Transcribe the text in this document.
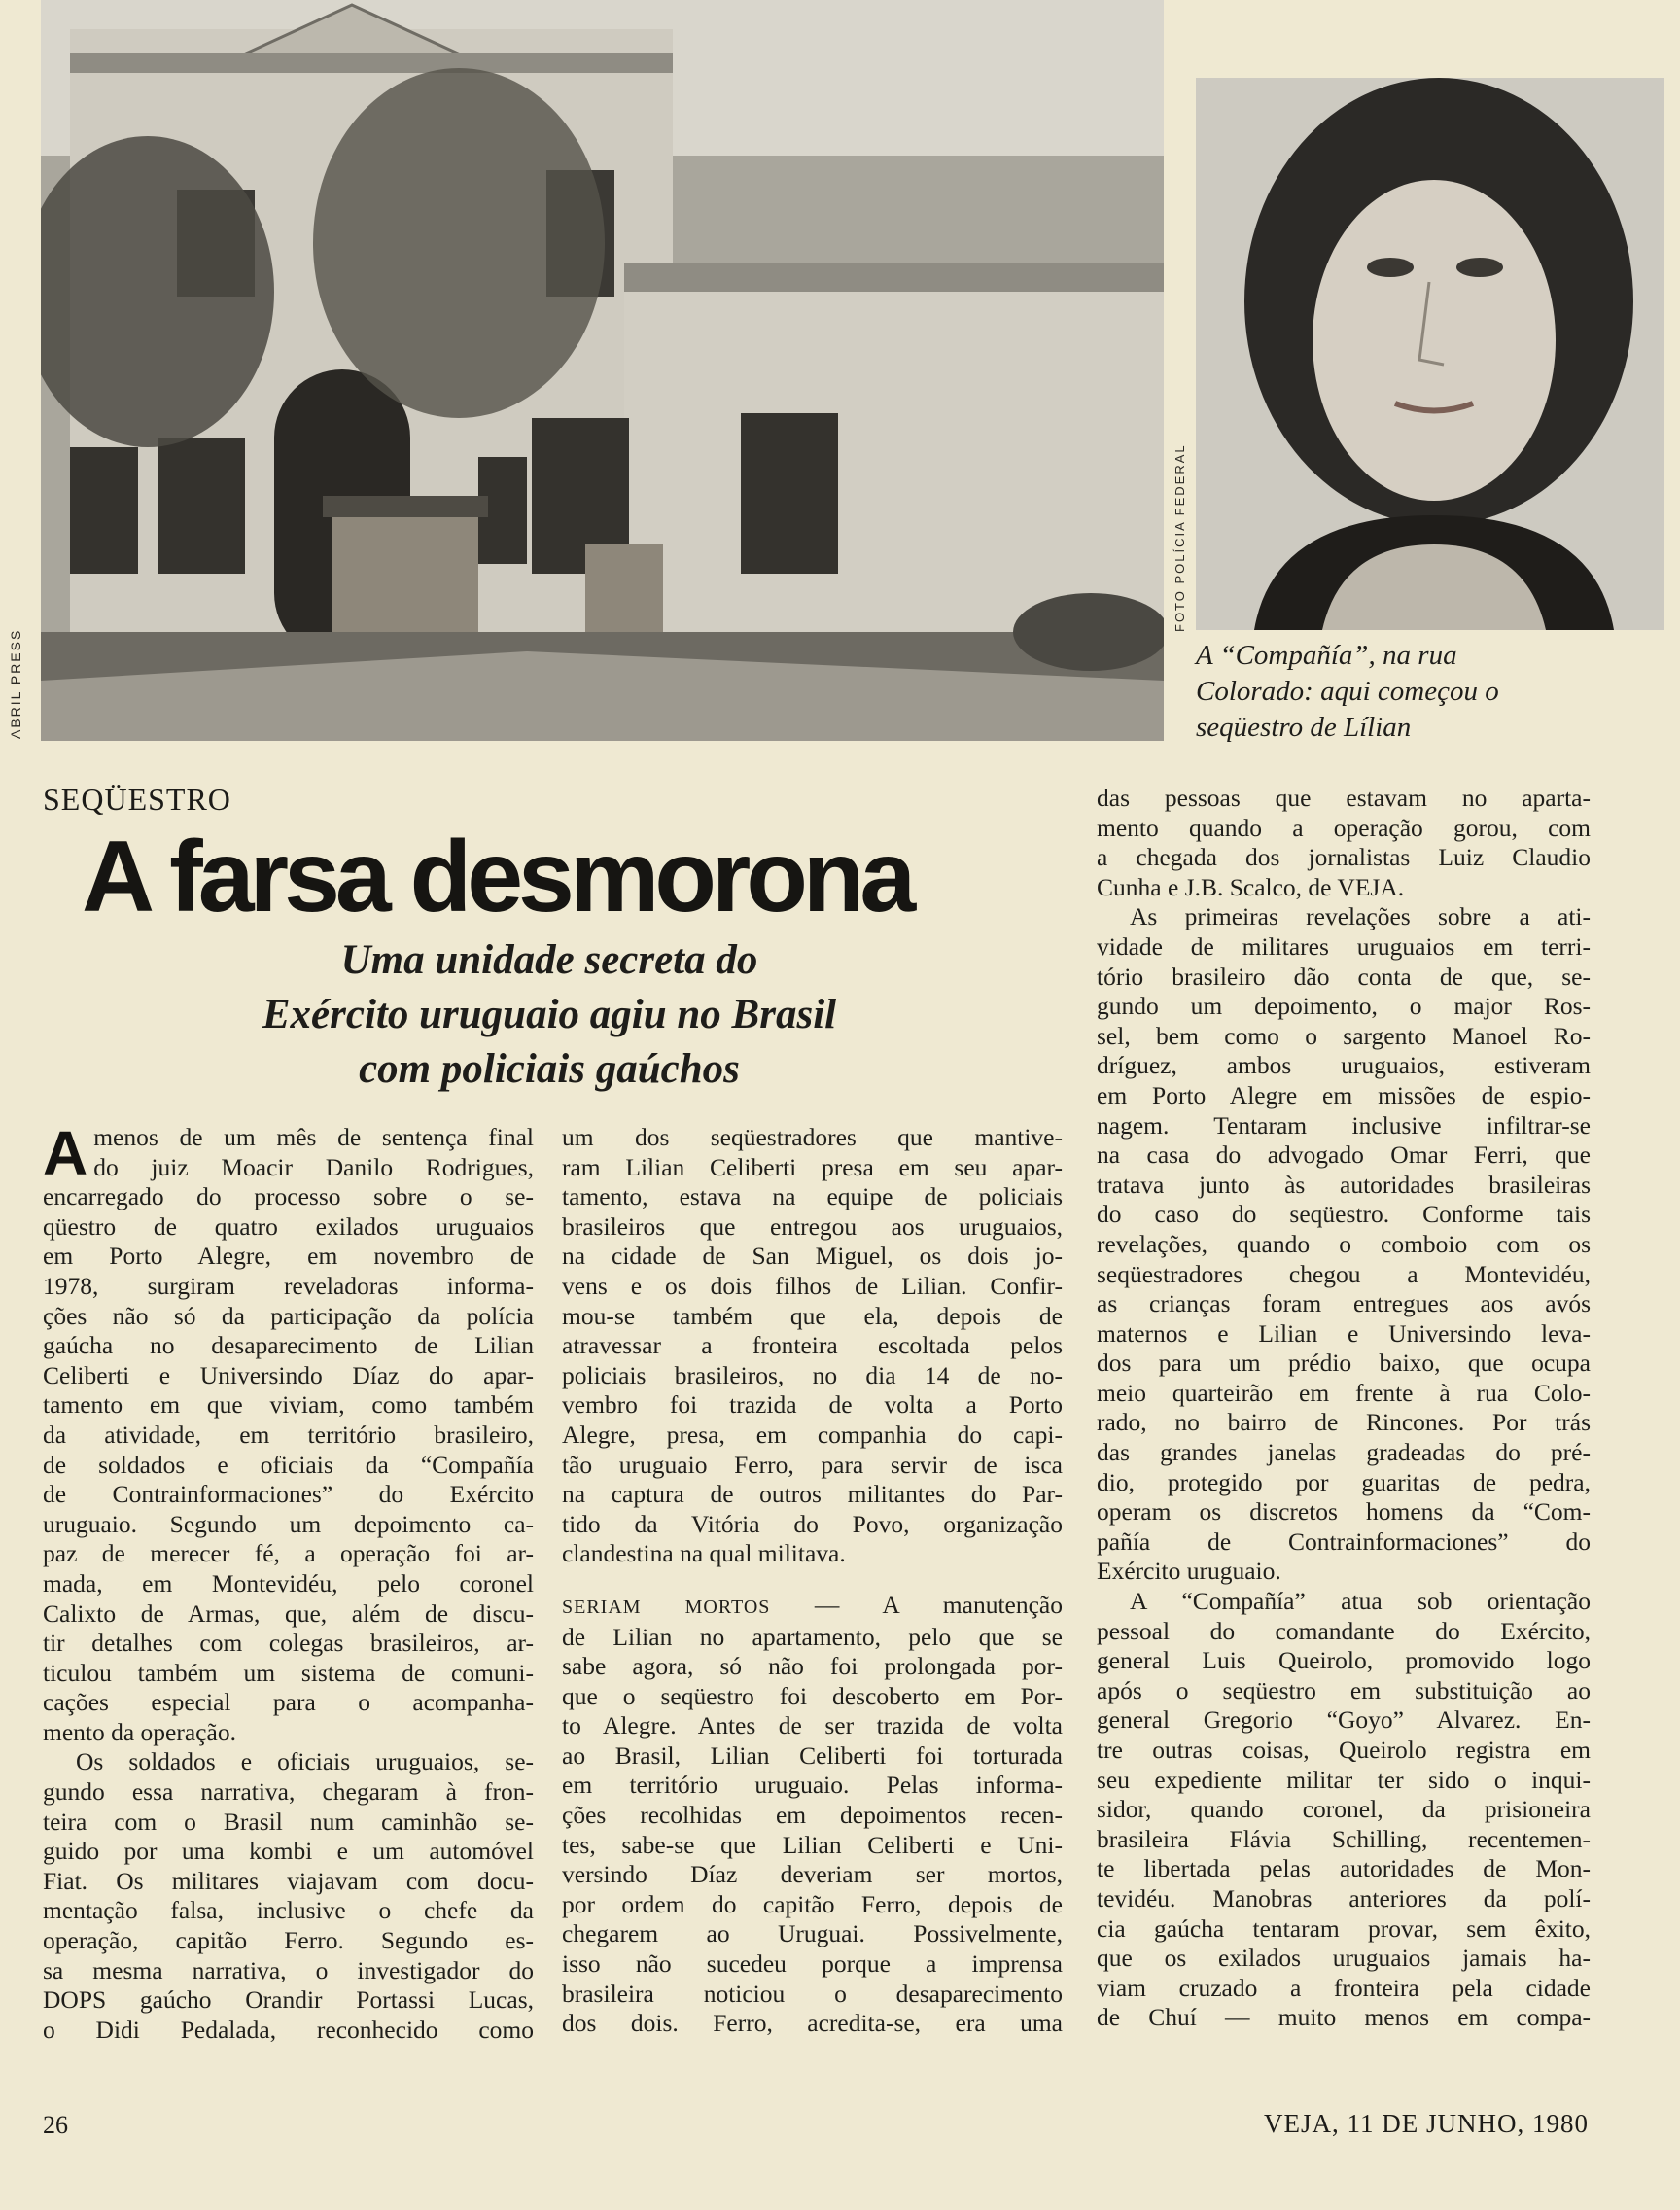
ABRIL PRESS
FOTO POLÍCIA FEDERAL
A “Compañía”, na rua
Colorado: aqui começou o
seqüestro de Lílian
SEQÜESTRO
A farsa desmorona
Uma unidade secreta do
Exército uruguaio agiu no Brasil
com policiais gaúchos
A menos de um mês de sentença final
do juiz Moacir Danilo Rodrigues,
encarregado do processo sobre o se-
qüestro de quatro exilados uruguaios
em Porto Alegre, em novembro de
1978, surgiram reveladoras informa-
ções não só da participação da polícia
gaúcha no desaparecimento de Lilian
Celiberti e Universindo Díaz do apar-
tamento em que viviam, como também
da atividade, em território brasileiro,
de soldados e oficiais da “Compañía
de Contrainformaciones” do Exército
uruguaio. Segundo um depoimento ca-
paz de merecer fé, a operação foi ar-
mada, em Montevidéu, pelo coronel
Calixto de Armas, que, além de discu-
tir detalhes com colegas brasileiros, ar-
ticulou também um sistema de comuni-
cações especial para o acompanha-
mento da operação.
Os soldados e oficiais uruguaios, se-
gundo essa narrativa, chegaram à fron-
teira com o Brasil num caminhão se-
guido por uma kombi e um automóvel
Fiat. Os militares viajavam com docu-
mentação falsa, inclusive o chefe da
operação, capitão Ferro. Segundo es-
sa mesma narrativa, o investigador do
DOPS gaúcho Orandir Portassi Lucas,
o Didi Pedalada, reconhecido como
um dos seqüestradores que mantive-
ram Lilian Celiberti presa em seu apar-
tamento, estava na equipe de policiais
brasileiros que entregou aos uruguaios,
na cidade de San Miguel, os dois jo-
vens e os dois filhos de Lilian. Confir-
mou-se também que ela, depois de
atravessar a fronteira escoltada pelos
policiais brasileiros, no dia 14 de no-
vembro foi trazida de volta a Porto
Alegre, presa, em companhia do capi-
tão uruguaio Ferro, para servir de isca
na captura de outros militantes do Par-
tido da Vitória do Povo, organização
clandestina na qual militava.
SERIAM MORTOS — A manutenção
de Lilian no apartamento, pelo que se
sabe agora, só não foi prolongada por-
que o seqüestro foi descoberto em Por-
to Alegre. Antes de ser trazida de volta
ao Brasil, Lilian Celiberti foi torturada
em território uruguaio. Pelas informa-
ções recolhidas em depoimentos recen-
tes, sabe-se que Lilian Celiberti e Uni-
versindo Díaz deveriam ser mortos,
por ordem do capitão Ferro, depois de
chegarem ao Uruguai. Possivelmente,
isso não sucedeu porque a imprensa
brasileira noticiou o desaparecimento
dos dois. Ferro, acredita-se, era uma
das pessoas que estavam no aparta-
mento quando a operação gorou, com
a chegada dos jornalistas Luiz Claudio
Cunha e J.B. Scalco, de VEJA.
As primeiras revelações sobre a ati-
vidade de militares uruguaios em terri-
tório brasileiro dão conta de que, se-
gundo um depoimento, o major Ros-
sel, bem como o sargento Manoel Ro-
dríguez, ambos uruguaios, estiveram
em Porto Alegre em missões de espio-
nagem. Tentaram inclusive infiltrar-se
na casa do advogado Omar Ferri, que
tratava junto às autoridades brasileiras
do caso do seqüestro. Conforme tais
revelações, quando o comboio com os
seqüestradores chegou a Montevidéu,
as crianças foram entregues aos avós
maternos e Lilian e Universindo leva-
dos para um prédio baixo, que ocupa
meio quarteirão em frente à rua Colo-
rado, no bairro de Rincones. Por trás
das grandes janelas gradeadas do pré-
dio, protegido por guaritas de pedra,
operam os discretos homens da “Com-
pañía de Contrainformaciones” do
Exército uruguaio.
A “Compañía” atua sob orientação
pessoal do comandante do Exército,
general Luis Queirolo, promovido logo
após o seqüestro em substituição ao
general Gregorio “Goyo” Alvarez. En-
tre outras coisas, Queirolo registra em
seu expediente militar ter sido o inqui-
sidor, quando coronel, da prisioneira
brasileira Flávia Schilling, recentemen-
te libertada pelas autoridades de Mon-
tevidéu. Manobras anteriores da polí-
cia gaúcha tentaram provar, sem êxito,
que os exilados uruguaios jamais ha-
viam cruzado a fronteira pela cidade
de Chuí — muito menos em compa-
26	VEJA, 11 DE JUNHO, 1980
